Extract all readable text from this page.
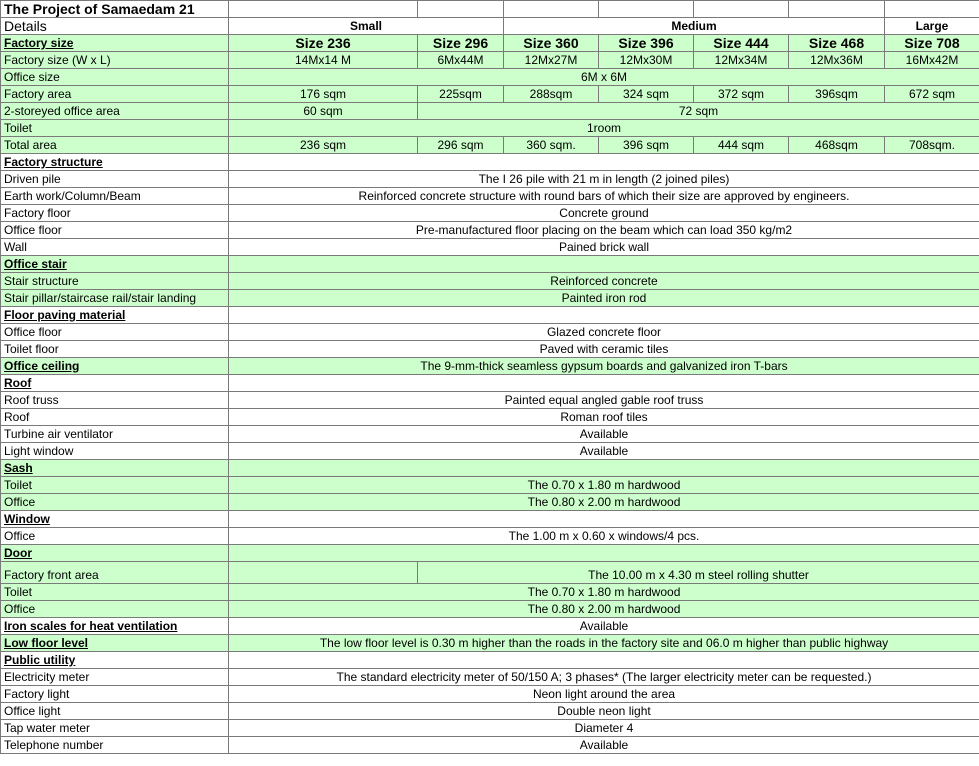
The Project of Samaedam 21							
Details	Small		Medium				Large
Factory size	Size 236	Size 296	Size 360	Size 396	Size 444	Size 468	Size 708
Factory size (W x L)	14Mx14 M	6Mx44M	12Mx27M	12Mx30M	12Mx34M	12Mx36M	16Mx42M
Office size	6M x 6M						
Factory area	176 sqm	225sqm	288sqm	324 sqm	372 sqm	396sqm	672 sqm
2-storeyed office area	60 sqm	72 sqm					
Toilet	1room						
Total area	236 sqm	296 sqm	360 sqm.	396 sqm	444 sqm	468sqm	708sqm.
Factory structure							
Driven pile	The I 26 pile with 21 m in length (2 joined piles)						
Earth work/Column/Beam	Reinforced concrete structure with round bars of which their size are approved by engineers.						
Factory floor	Concrete ground						
Office floor	Pre-manufactured floor placing on the beam which can load 350 kg/m2						
Wall	Pained brick wall						
Office stair							
Stair structure	Reinforced concrete						
Stair pillar/staircase rail/stair landing	Painted iron rod						
Floor paving material							
Office floor	Glazed concrete floor						
Toilet floor	Paved with ceramic tiles						
Office ceiling	The 9-mm-thick seamless gypsum boards and galvanized iron T-bars						
Roof							
Roof truss	Painted equal angled gable roof truss						
Roof	Roman roof tiles						
Turbine air ventilator	Available						
Light window	Available						
Sash							
Toilet	The 0.70 x 1.80 m hardwood						
Office	The 0.80 x 2.00 m hardwood						
Window							
Office	The 1.00 m x 0.60 x windows/4 pcs.						
Door							
Factory front area		The 10.00 m x 4.30 m steel rolling shutter					
Toilet	The 0.70 x 1.80 m hardwood						
Office	The 0.80 x 2.00 m hardwood						
Iron scales for heat ventilation	Available						
Low floor level	The low floor level is 0.30 m higher than the roads in the factory site and 06.0 m higher than public highway						
Public utility							
Electricity meter	The standard electricity meter of 50/150 A; 3 phases* (The larger electricity meter can be requested.)						
Factory light	Neon light around the area						
Office light	Double neon light						
Tap water meter	Diameter 4						
Telephone number	Available						
